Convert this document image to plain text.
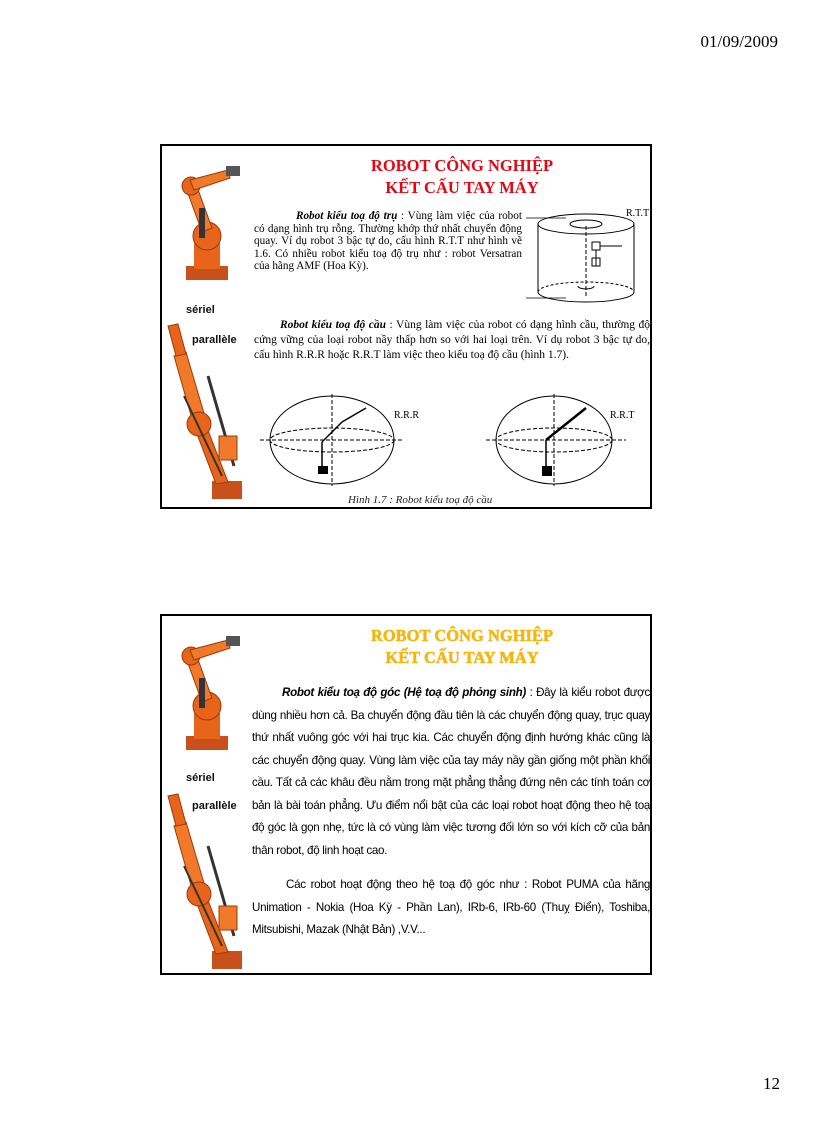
01/09/2009
sériel
parallèle
ROBOT CÔNG NGHIỆP
KẾT CẤU TAY MÁY
Robot kiểu toạ độ trụ : Vùng làm việc của robot có dạng hình trụ rỗng. Thường khớp thứ nhất chuyển động quay. Ví dụ robot 3 bậc tự do, cấu hình R.T.T như hình vẽ 1.6. Có nhiều robot kiểu toạ độ trụ như : robot Versatran của hãng AMF (Hoa Kỳ).
R.T.T
Robot kiểu toạ độ cầu : Vùng làm việc của robot có dạng hình cầu, thường độ cứng vững của loại robot nầy thấp hơn so với hai loại trên. Ví dụ robot 3 bậc tự do, cấu hình R.R.R hoặc R.R.T làm việc theo kiểu toạ độ cầu (hình 1.7).
R.R.R	R.R.T
Hình 1.7 : Robot kiểu toạ độ cầu
sériel
parallèle
ROBOT CÔNG NGHIỆP
KẾT CẤU TAY MÁY
Robot kiểu toạ độ góc (Hệ toạ độ phỏng sinh) : Đây là kiểu robot được dùng nhiều hơn cả. Ba chuyển động đầu tiên là các chuyển động quay, trục quay thứ nhất vuông góc với hai trục kia. Các chuyển động định hướng khác cũng là các chuyển động quay. Vùng làm việc của tay máy nầy gần giống một phần khối cầu. Tất cả các khâu đều nằm trong mặt phẳng thẳng đứng nên các tính toán cơ bản là bài toán phẳng. Ưu điểm nổi bật của các loại robot hoạt động theo hệ toạ độ góc là gọn nhẹ, tức là có vùng làm việc tương đối lớn so với kích cỡ của bản thân robot, độ linh hoạt cao.
Các robot hoạt động theo hệ toạ độ góc như : Robot PUMA của hãng Unimation - Nokia (Hoa Kỳ - Phần Lan), IRb-6, IRb-60 (Thuỵ Điển), Toshiba, Mitsubishi, Mazak (Nhật Bản) ,V.V...
12
